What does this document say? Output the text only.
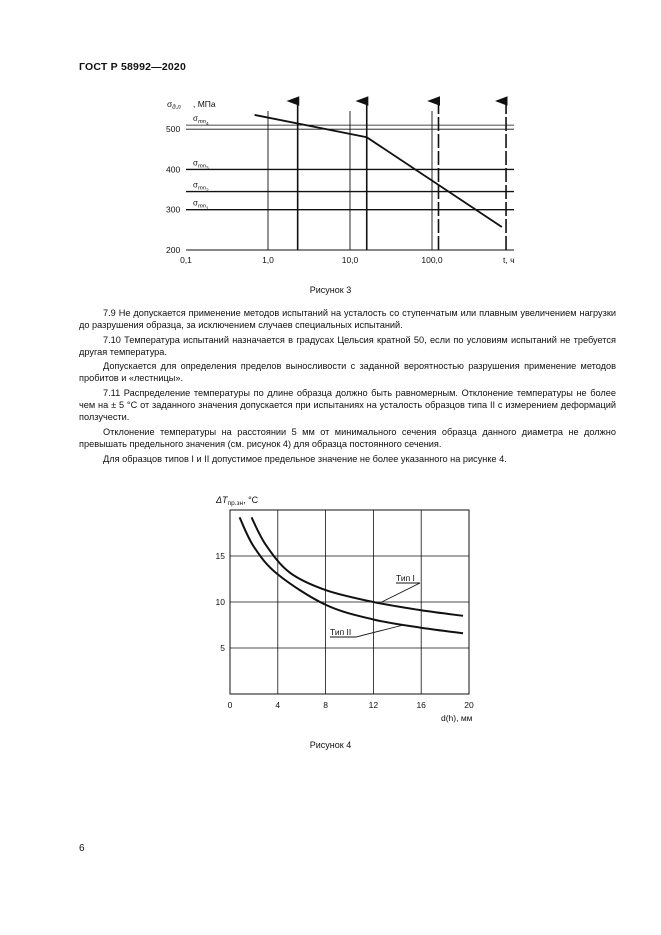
ГОСТ Р 58992—2020
$\sigma_{тn4}$
$\sigma_{тn3}$
$\sigma_{тn2}$
$\sigma_{тn1}$
200
300
400
500
0,1	1,0	10,0	100,0	t, ч
$\sigma_{д.п}$ , МПа
Рисунок 3

7.9 Не допускается применение методов испытаний на усталость со ступенчатым или плавным увеличением нагрузки до разрушения образца, за исключением случаев специальных испытаний.

7.10 Температура испытаний назначается в градусах Цельсия кратной 50, если по условиям испытаний не требуется другая температура.

Допускается для определения пределов выносливости с заданной вероятностью разрушения применение методов пробитов и «лестницы».

7.11 Распределение температуры по длине образца должно быть равномерным. Отклонение температуры не более чем на ± 5 °С от заданного значения допускается при испытаниях на усталость образцов типа II с измерением деформаций ползучести.

Отклонение температуры на расстоянии 5 мм от минимального сечения образца данного диаметра не должно превышать предельного значения (см. рисунок 4) для образца постоянного сечения.

Для образцов типов I и II допустимое предельное значение не более указанного на рисунке 4.

0	4	8	12	16	20
5
10
15
Тип I
Тип II
$\Delta T_{пр.зн}$, °С
d(h), мм
Рисунок 4
6
